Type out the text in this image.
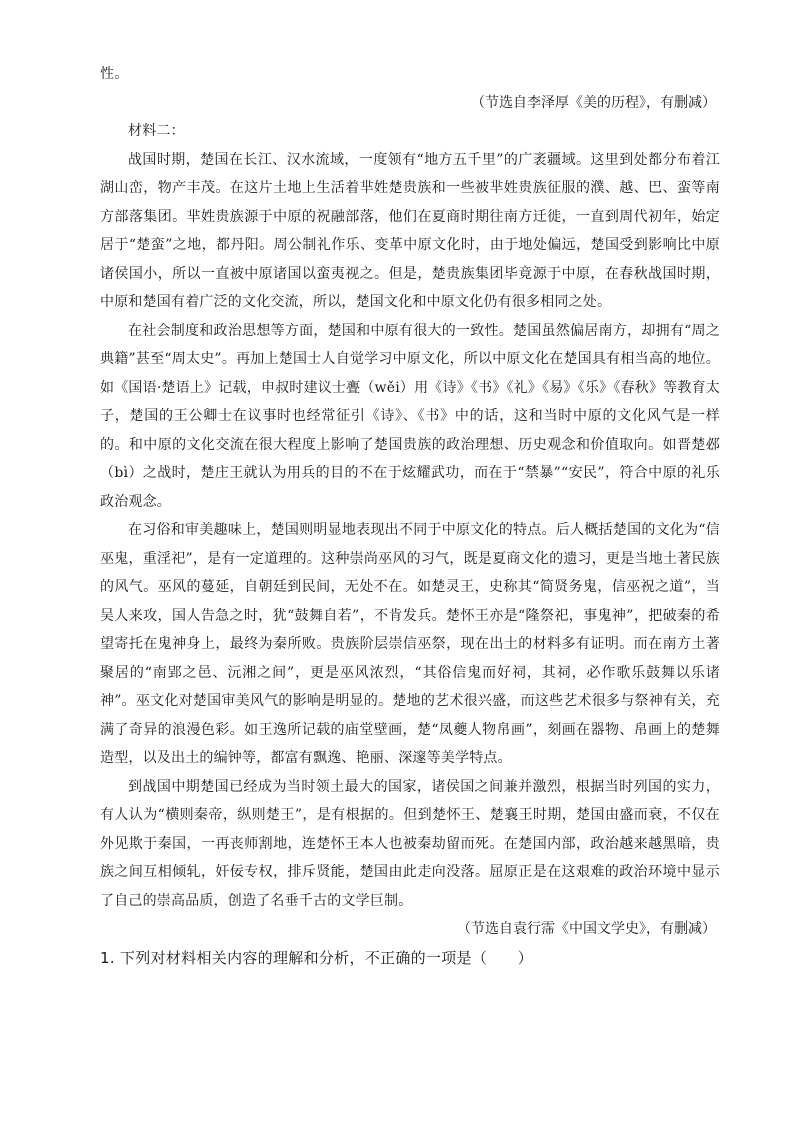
性。

（节选自李泽厚《美的历程》，有删减）

材料二：

战国时期，楚国在长江、汉水流域，一度领有“地方五千里”的广袤疆域。这里到处都分布着江湖山峦，物产丰茂。在这片土地上生活着芈姓楚贵族和一些被芈姓贵族征服的濮、越、巴、蛮等南方部落集团。芈姓贵族源于中原的祝融部落，他们在夏商时期往南方迁徙，一直到周代初年，始定居于“楚蛮”之地，都丹阳。周公制礼作乐、变革中原文化时，由于地处偏远，楚国受到影响比中原诸侯国小，所以一直被中原诸国以蛮夷视之。但是，楚贵族集团毕竟源于中原，在春秋战国时期，中原和楚国有着广泛的文化交流，所以，楚国文化和中原文化仍有很多相同之处。

在社会制度和政治思想等方面，楚国和中原有很大的一致性。楚国虽然偏居南方，却拥有“周之典籍”甚至“周太史”。再加上楚国士人自觉学习中原文化，所以中原文化在楚国具有相当高的地位。如《国语·楚语上》记载，申叔时建议士亹（wěi）用《诗》《书》《礼》《易》《乐》《春秋》等教育太子，楚国的王公卿士在议事时也经常征引《诗》、《书》中的话，这和当时中原的文化风气是一样的。和中原的文化交流在很大程度上影响了楚国贵族的政治理想、历史观念和价值取向。如晋楚邲（bì）之战时，楚庄王就认为用兵的目的不在于炫耀武功，而在于“禁暴”“安民”，符合中原的礼乐政治观念。

在习俗和审美趣味上，楚国则明显地表现出不同于中原文化的特点。后人概括楚国的文化为“信巫鬼，重淫祀”，是有一定道理的。这种崇尚巫风的习气，既是夏商文化的遗习，更是当地土著民族的风气。巫风的蔓延，自朝廷到民间，无处不在。如楚灵王，史称其“简贤务鬼，信巫祝之道”，当吴人来攻，国人告急之时，犹“鼓舞自若”，不肯发兵。楚怀王亦是“隆祭祀，事鬼神”，把破秦的希望寄托在鬼神身上，最终为秦所败。贵族阶层崇信巫祭，现在出土的材料多有证明。而在南方土著聚居的“南郢之邑、沅湘之间”，更是巫风浓烈，“其俗信鬼而好祠，其祠，必作歌乐鼓舞以乐诸神”。巫文化对楚国审美风气的影响是明显的。楚地的艺术很兴盛，而这些艺术很多与祭神有关，充满了奇异的浪漫色彩。如王逸所记载的庙堂壁画，楚“凤夔人物帛画”，刻画在器物、帛画上的楚舞造型，以及出土的编钟等，都富有飘逸、艳丽、深邃等美学特点。

到战国中期楚国已经成为当时领土最大的国家，诸侯国之间兼并激烈，根据当时列国的实力，有人认为“横则秦帝，纵则楚王”，是有根据的。但到楚怀王、楚襄王时期，楚国由盛而衰，不仅在外见欺于秦国，一再丧师割地，连楚怀王本人也被秦劫留而死。在楚国内部，政治越来越黑暗，贵族之间互相倾轧，奸佞专权，排斥贤能，楚国由此走向没落。屈原正是在这艰难的政治环境中显示了自己的崇高品质，创造了名垂千古的文学巨制。

（节选自袁行霈《中国文学史》，有删减）

1. 下列对材料相关内容的理解和分析，不正确的一项是（　　）
